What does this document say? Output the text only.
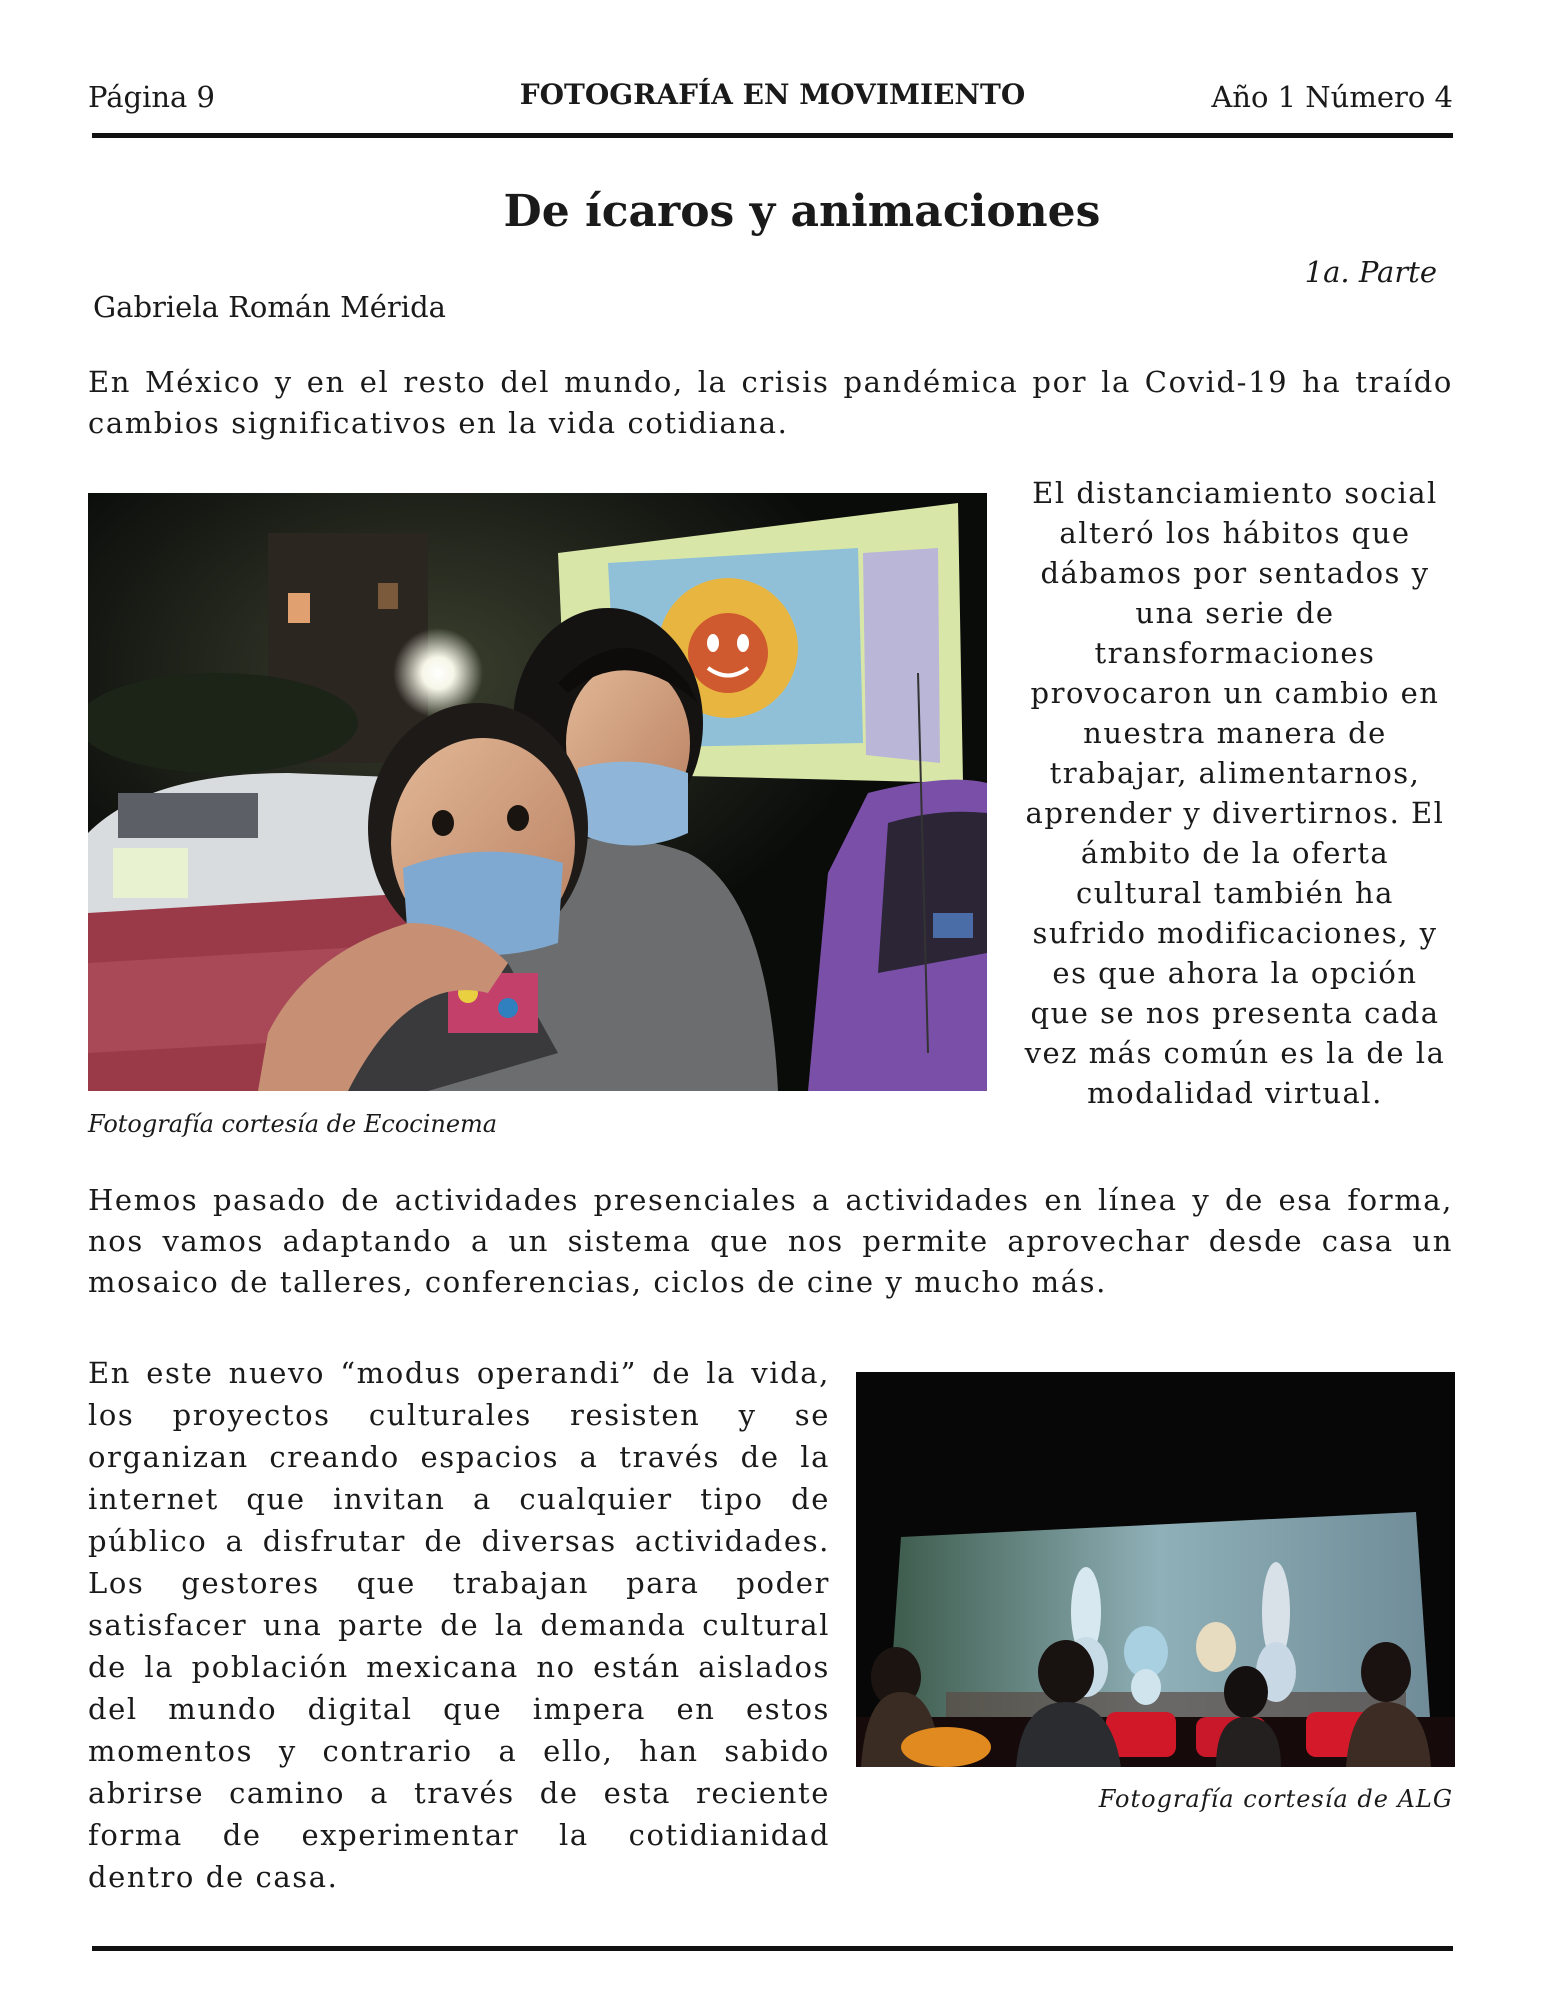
Página 9	FOTOGRAFÍA EN MOVIMIENTO	Año 1 Número 4
De ícaros y animaciones
1a. Parte
Gabriela Román Mérida

En México y en el resto del mundo, la crisis pandémica por la Covid-19 ha traído cambios significativos en la vida cotidiana.

El distanciamiento social alteró los hábitos que dábamos por sentados y una serie de transformaciones provocaron un cambio en nuestra manera de trabajar, alimentarnos, aprender y divertirnos. El ámbito de la oferta cultural también ha sufrido modificaciones, y es que ahora la opción que se nos presenta cada vez más común es la de la modalidad virtual.
Fotografía cortesía de Ecocinema

Hemos pasado de actividades presenciales a actividades en línea y de esa forma, nos vamos adaptando a un sistema que nos permite aprovechar desde casa un mosaico de talleres, conferencias, ciclos de cine y mucho más.

En este nuevo “modus operandi” de la vida, los proyectos culturales resisten y se organizan creando espacios a través de la internet que invitan a cualquier tipo de público a disfrutar de diversas actividades. Los gestores que trabajan para poder satisfacer una parte de la demanda cultural de la población mexicana no están aislados del mundo digital que impera en estos momentos y contrario a ello, han sabido abrirse camino a través de esta reciente forma de experimentar la cotidianidad dentro de casa.

Fotografía cortesía de ALG
